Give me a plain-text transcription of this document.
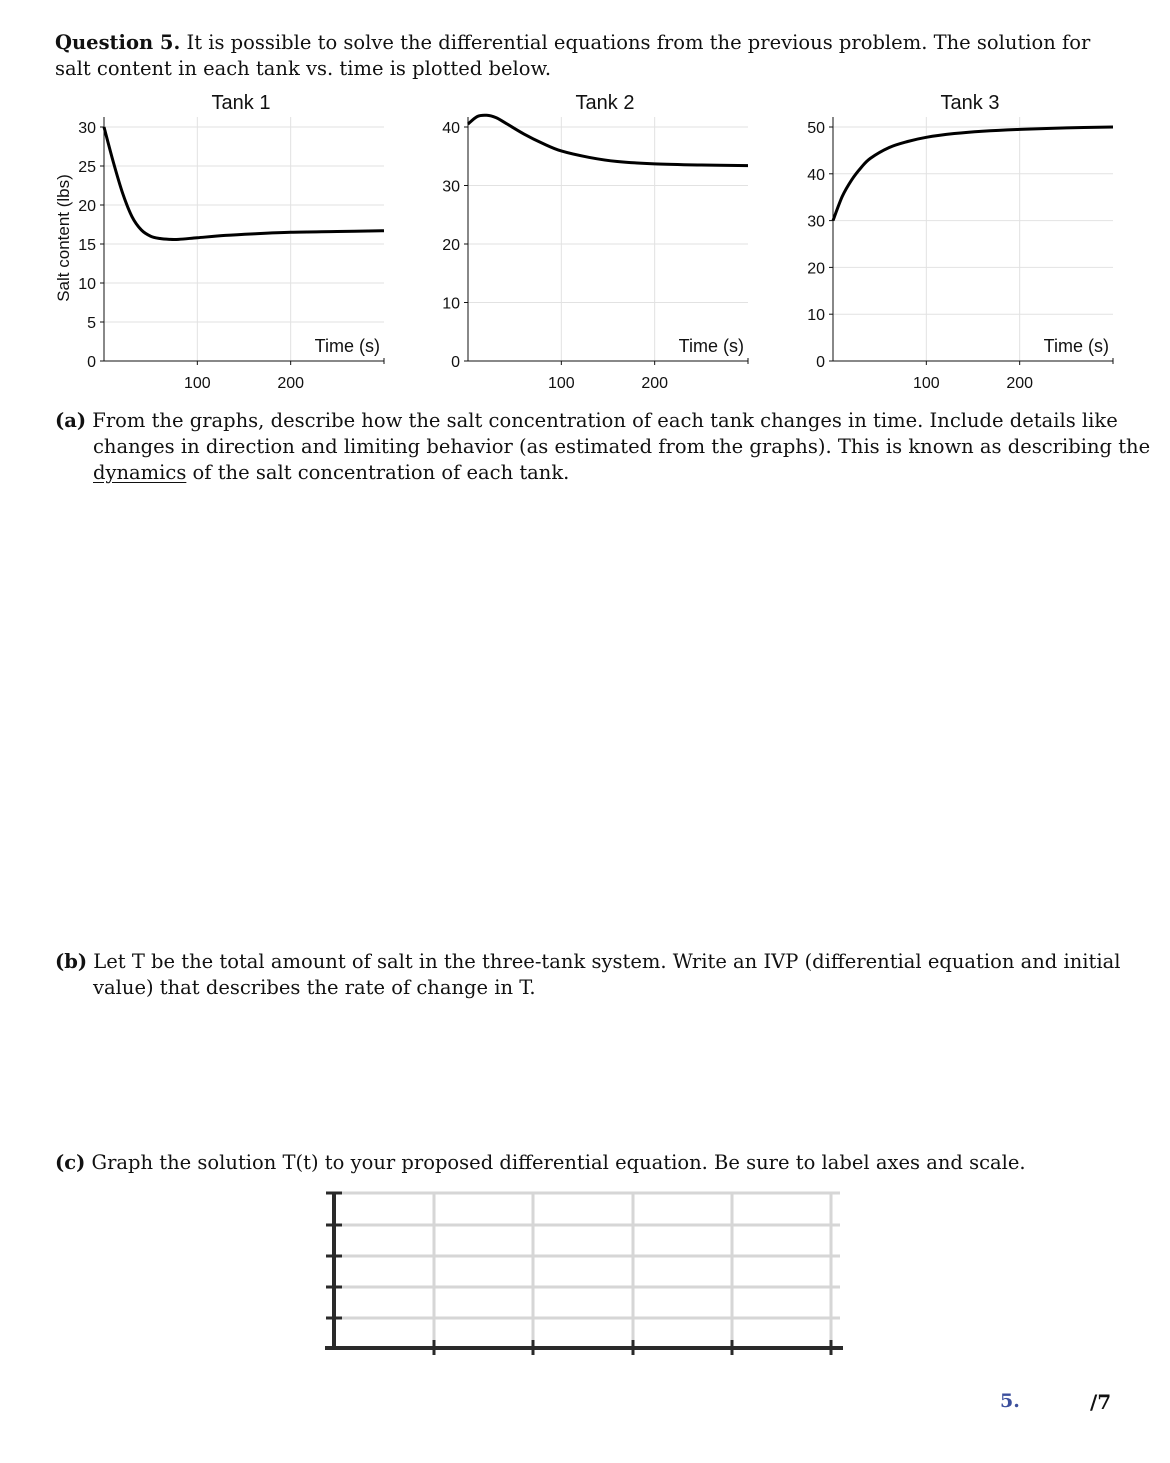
Question 5. It is possible to solve the differential equations from the previous problem. The solution for salt content in each tank vs. time is plotted below.
0
5
10
15
20
25
30
100	200
Tank 1
Time (s)
Salt content (lbs)
0
10
20
30
40
100	200
Tank 2
Time (s)
0
10
20
30
40
50
100	200
Tank 3
Time (s)
(a) From the graphs, describe how the salt concentration of each tank changes in time. Include details like changes in direction and limiting behavior (as estimated from the graphs). This is known as describing the dynamics of the salt concentration of each tank.
(b) Let T be the total amount of salt in the three-tank system. Write an IVP (differential equation and initial value) that describes the rate of change in T.
(c) Graph the solution T(t) to your proposed differential equation. Be sure to label axes and scale.
5.	/7
